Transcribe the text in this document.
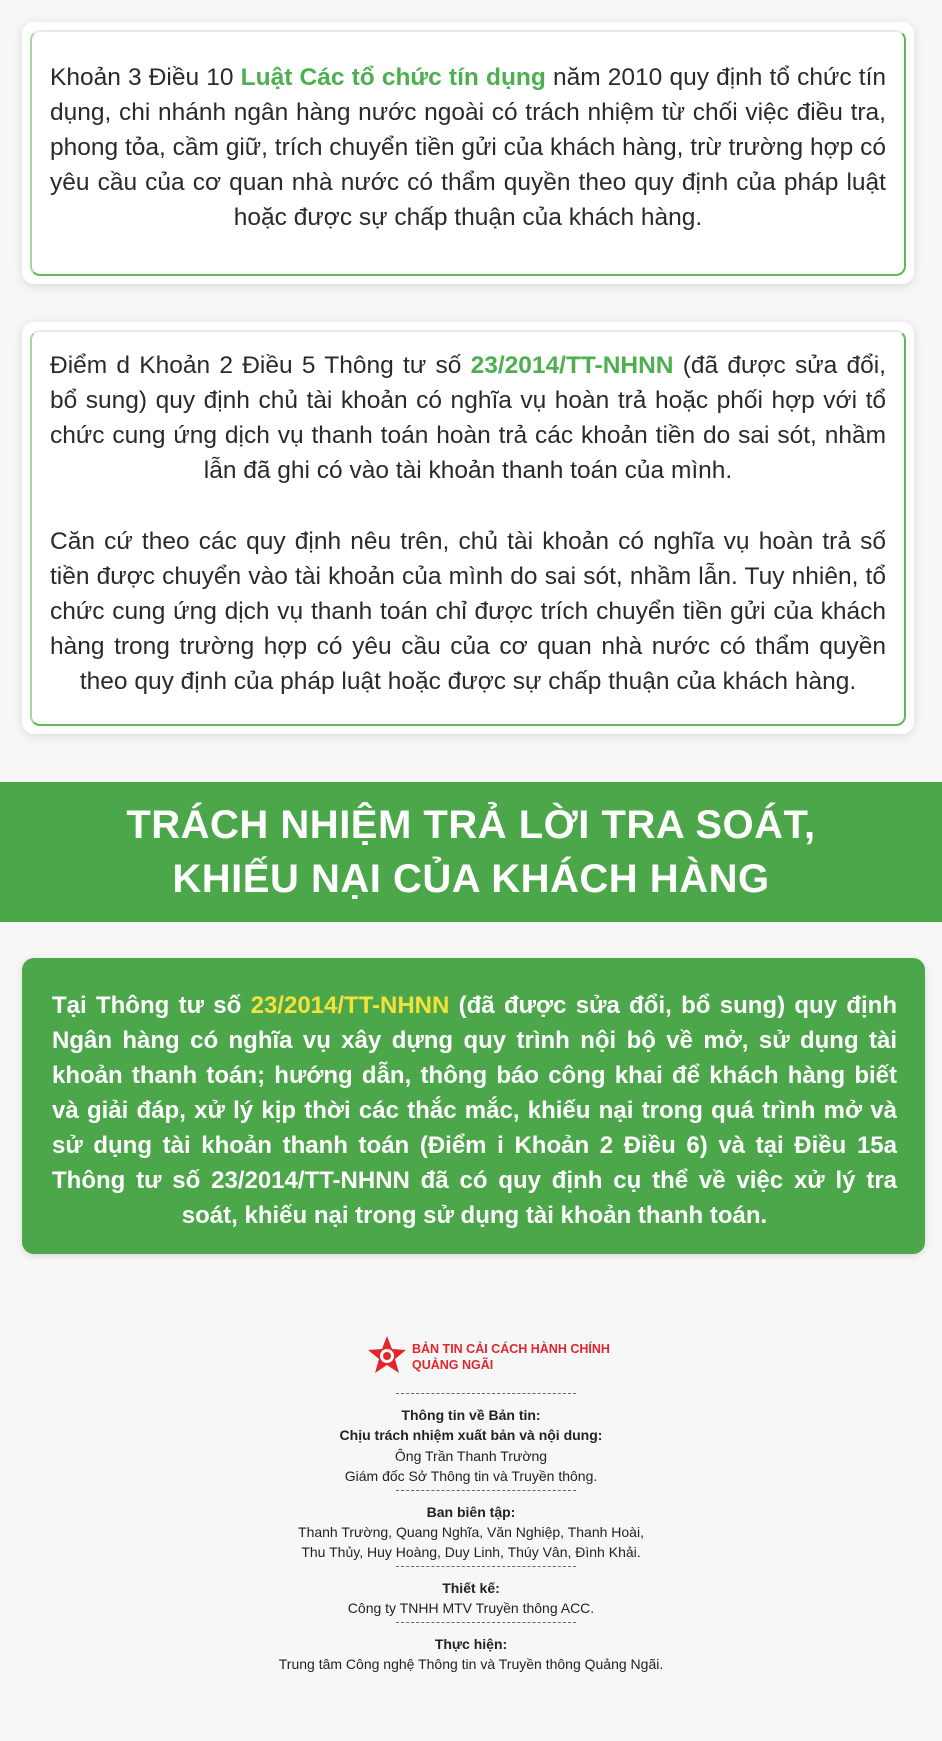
Khoản 3 Điều 10 Luật Các tổ chức tín dụng năm 2010 quy định tổ chức tín dụng, chi nhánh ngân hàng nước ngoài có trách nhiệm từ chối việc điều tra, phong tỏa, cầm giữ, trích chuyển tiền gửi của khách hàng, trừ trường hợp có yêu cầu của cơ quan nhà nước có thẩm quyền theo quy định của pháp luật hoặc được sự chấp thuận của khách hàng.

Điểm d Khoản 2 Điều 5 Thông tư số 23/2014/TT-NHNN (đã được sửa đổi, bổ sung) quy định chủ tài khoản có nghĩa vụ hoàn trả hoặc phối hợp với tổ chức cung ứng dịch vụ thanh toán hoàn trả các khoản tiền do sai sót, nhầm lẫn đã ghi có vào tài khoản thanh toán của mình.

Căn cứ theo các quy định nêu trên, chủ tài khoản có nghĩa vụ hoàn trả số tiền được chuyển vào tài khoản của mình do sai sót, nhầm lẫn. Tuy nhiên, tổ chức cung ứng dịch vụ thanh toán chỉ được trích chuyển tiền gửi của khách hàng trong trường hợp có yêu cầu của cơ quan nhà nước có thẩm quyền theo quy định của pháp luật hoặc được sự chấp thuận của khách hàng.

TRÁCH NHIỆM TRẢ LỜI TRA SOÁT,
KHIẾU NẠI CỦA KHÁCH HÀNG

Tại Thông tư số 23/2014/TT-NHNN (đã được sửa đổi, bổ sung) quy định Ngân hàng có nghĩa vụ xây dựng quy trình nội bộ về mở, sử dụng tài khoản thanh toán; hướng dẫn, thông báo công khai để khách hàng biết và giải đáp, xử lý kịp thời các thắc mắc, khiếu nại trong quá trình mở và sử dụng tài khoản thanh toán (Điểm i Khoản 2 Điều 6) và tại Điều 15a Thông tư số 23/2014/TT-NHNN đã có quy định cụ thể về việc xử lý tra soát, khiếu nại trong sử dụng tài khoản thanh toán.

BẢN TIN CẢI CÁCH HÀNH CHÍNH
QUẢNG NGÃI
Thông tin về Bản tin:
Chịu trách nhiệm xuất bản và nội dung:
Ông Trần Thanh Trường
Giám đốc Sở Thông tin và Truyền thông.
Ban biên tập:
Thanh Trường, Quang Nghĩa, Văn Nghiệp, Thanh Hoài,
Thu Thủy, Huy Hoàng, Duy Linh, Thúy Vân, Đình Khải.
Thiết kế:
Công ty TNHH MTV Truyền thông ACC.
Thực hiện:
Trung tâm Công nghệ Thông tin và Truyền thông Quảng Ngãi.
